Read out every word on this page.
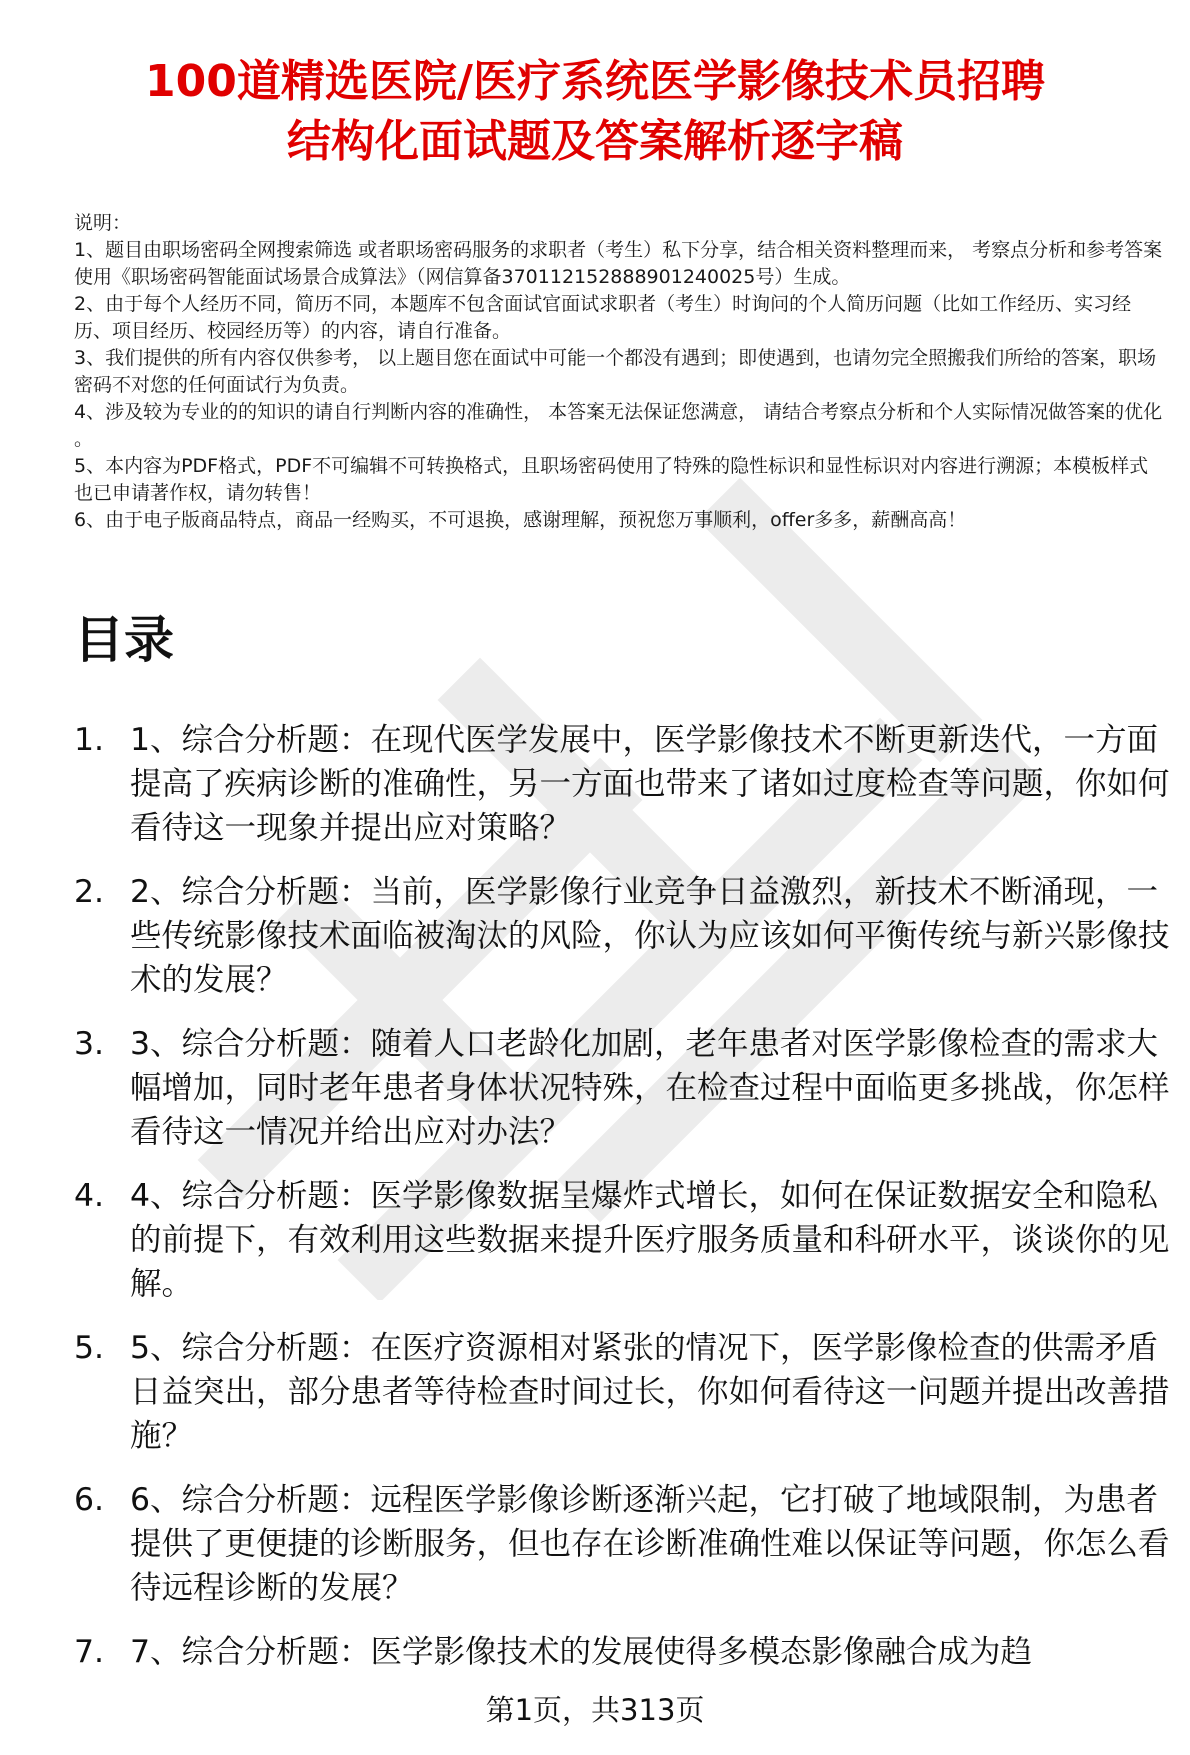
100道精选医院/医疗系统医学影像技术员招聘
结构化面试题及答案解析逐字稿

说明：

1、题目由职场密码全网搜索筛选 或者职场密码服务的求职者（考生）私下分享，结合相关资料整理而来， 考察点分析和参考答案使用《职场密码智能面试场景合成算法》（网信算备370112152888901240025号）生成。

2、由于每个人经历不同，简历不同，本题库不包含面试官面试求职者（考生）时询问的个人简历问题（比如工作经历、实习经历、项目经历、校园经历等）的内容，请自行准备。

3、我们提供的所有内容仅供参考， 以上题目您在面试中可能一个都没有遇到；即使遇到，也请勿完全照搬我们所给的答案，职场密码不对您的任何面试行为负责。

4、涉及较为专业的的知识的请自行判断内容的准确性， 本答案无法保证您满意， 请结合考察点分析和个人实际情况做答案的优化 。

5、本内容为PDF格式，PDF不可编辑不可转换格式，且职场密码使用了特殊的隐性标识和显性标识对内容进行溯源；本模板样式也已申请著作权，请勿转售！

6、由于电子版商品特点，商品一经购买，不可退换，感谢理解，预祝您万事顺利，offer多多，薪酬高高！

目录
1. 1、综合分析题：在现代医学发展中，医学影像技术不断更新迭代，一方面提高了疾病诊断的准确性，另一方面也带来了诸如过度检查等问题，你如何看待这一现象并提出应对策略？
2. 2、综合分析题：当前，医学影像行业竞争日益激烈，新技术不断涌现，一些传统影像技术面临被淘汰的风险，你认为应该如何平衡传统与新兴影像技术的发展？
3. 3、综合分析题：随着人口老龄化加剧，老年患者对医学影像检查的需求大幅增加，同时老年患者身体状况特殊，在检查过程中面临更多挑战，你怎样看待这一情况并给出应对办法？
4. 4、综合分析题：医学影像数据呈爆炸式增长，如何在保证数据安全和隐私的前提下，有效利用这些数据来提升医疗服务质量和科研水平，谈谈你的见解。
5. 5、综合分析题：在医疗资源相对紧张的情况下，医学影像检查的供需矛盾日益突出，部分患者等待检查时间过长，你如何看待这一问题并提出改善措施？
6. 6、综合分析题：远程医学影像诊断逐渐兴起，它打破了地域限制，为患者提供了更便捷的诊断服务，但也存在诊断准确性难以保证等问题，你怎么看待远程诊断的发展？
7. 7、综合分析题：医学影像技术的发展使得多模态影像融合成为趋
第1页，共313页
